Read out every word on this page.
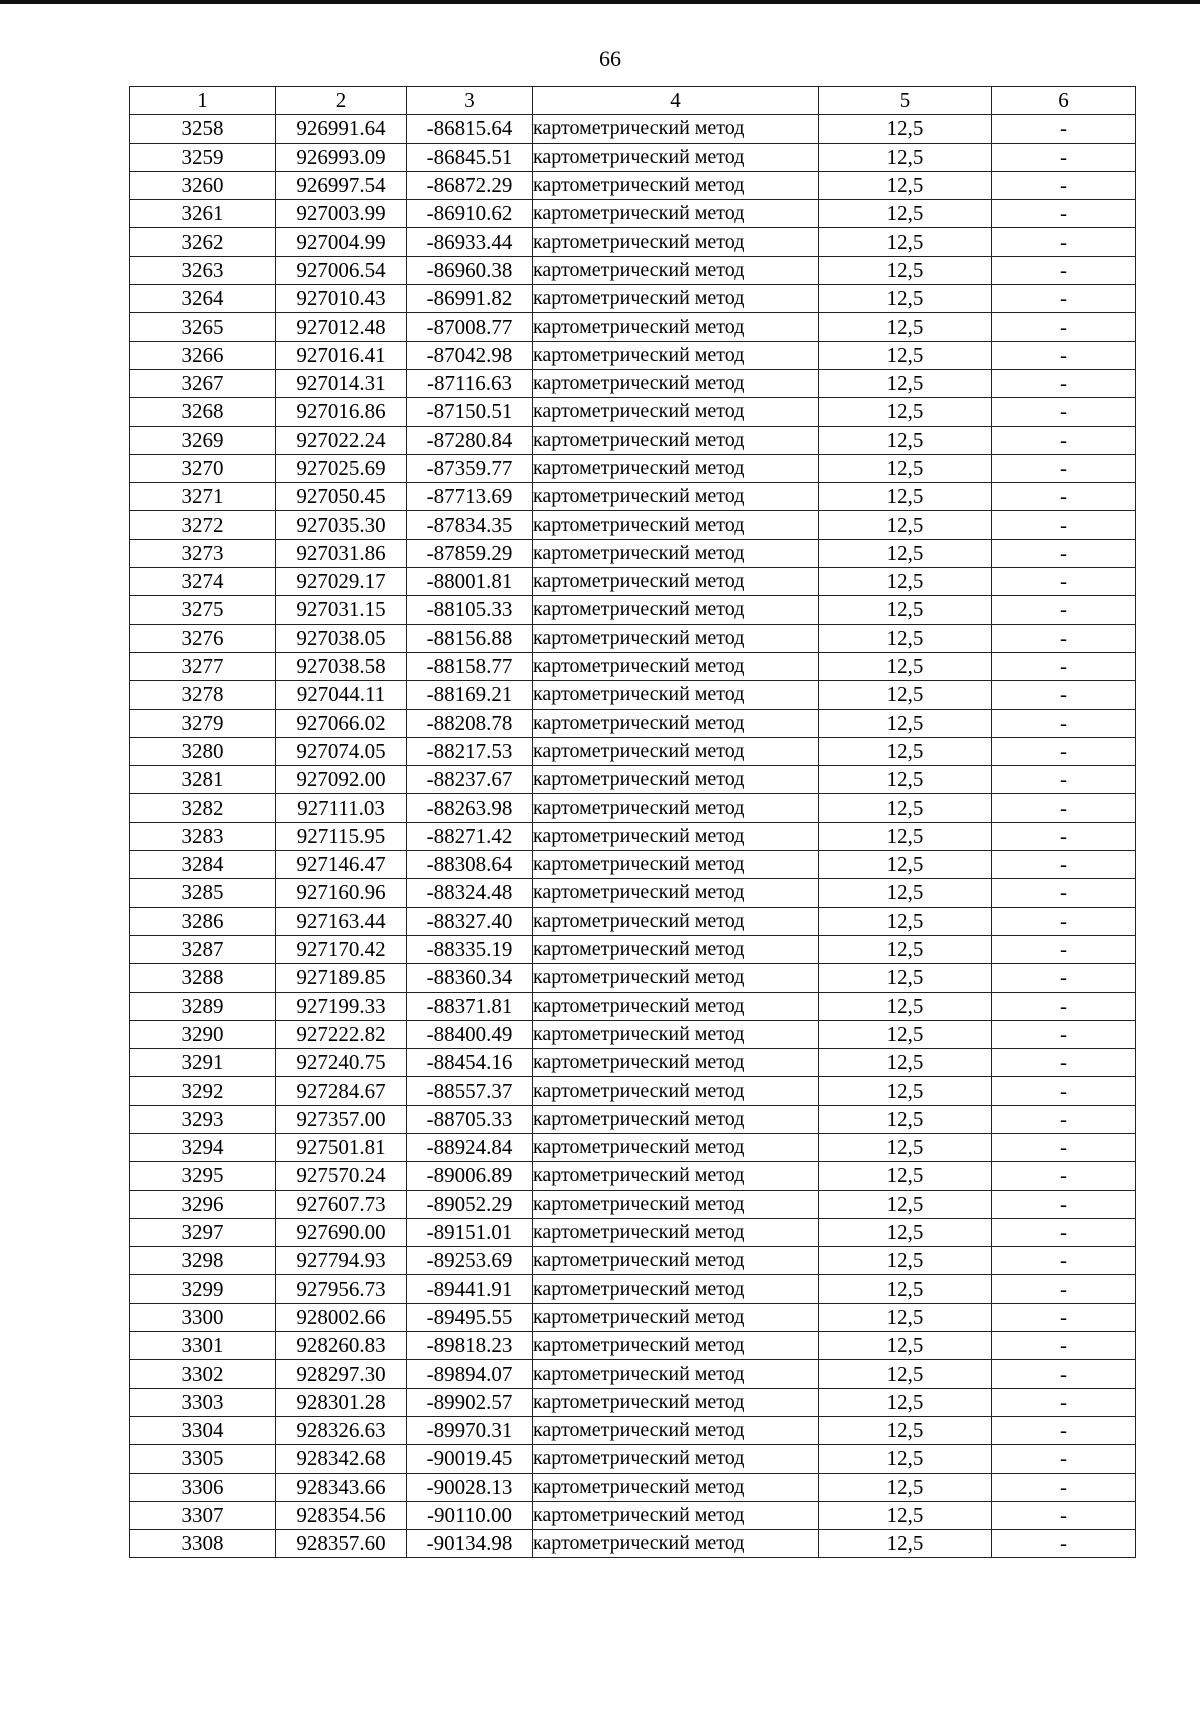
66
1	2	3	4	5	6
3258	926991.64	-86815.64	картометрический метод	12,5	-
3259	926993.09	-86845.51	картометрический метод	12,5	-
3260	926997.54	-86872.29	картометрический метод	12,5	-
3261	927003.99	-86910.62	картометрический метод	12,5	-
3262	927004.99	-86933.44	картометрический метод	12,5	-
3263	927006.54	-86960.38	картометрический метод	12,5	-
3264	927010.43	-86991.82	картометрический метод	12,5	-
3265	927012.48	-87008.77	картометрический метод	12,5	-
3266	927016.41	-87042.98	картометрический метод	12,5	-
3267	927014.31	-87116.63	картометрический метод	12,5	-
3268	927016.86	-87150.51	картометрический метод	12,5	-
3269	927022.24	-87280.84	картометрический метод	12,5	-
3270	927025.69	-87359.77	картометрический метод	12,5	-
3271	927050.45	-87713.69	картометрический метод	12,5	-
3272	927035.30	-87834.35	картометрический метод	12,5	-
3273	927031.86	-87859.29	картометрический метод	12,5	-
3274	927029.17	-88001.81	картометрический метод	12,5	-
3275	927031.15	-88105.33	картометрический метод	12,5	-
3276	927038.05	-88156.88	картометрический метод	12,5	-
3277	927038.58	-88158.77	картометрический метод	12,5	-
3278	927044.11	-88169.21	картометрический метод	12,5	-
3279	927066.02	-88208.78	картометрический метод	12,5	-
3280	927074.05	-88217.53	картометрический метод	12,5	-
3281	927092.00	-88237.67	картометрический метод	12,5	-
3282	927111.03	-88263.98	картометрический метод	12,5	-
3283	927115.95	-88271.42	картометрический метод	12,5	-
3284	927146.47	-88308.64	картометрический метод	12,5	-
3285	927160.96	-88324.48	картометрический метод	12,5	-
3286	927163.44	-88327.40	картометрический метод	12,5	-
3287	927170.42	-88335.19	картометрический метод	12,5	-
3288	927189.85	-88360.34	картометрический метод	12,5	-
3289	927199.33	-88371.81	картометрический метод	12,5	-
3290	927222.82	-88400.49	картометрический метод	12,5	-
3291	927240.75	-88454.16	картометрический метод	12,5	-
3292	927284.67	-88557.37	картометрический метод	12,5	-
3293	927357.00	-88705.33	картометрический метод	12,5	-
3294	927501.81	-88924.84	картометрический метод	12,5	-
3295	927570.24	-89006.89	картометрический метод	12,5	-
3296	927607.73	-89052.29	картометрический метод	12,5	-
3297	927690.00	-89151.01	картометрический метод	12,5	-
3298	927794.93	-89253.69	картометрический метод	12,5	-
3299	927956.73	-89441.91	картометрический метод	12,5	-
3300	928002.66	-89495.55	картометрический метод	12,5	-
3301	928260.83	-89818.23	картометрический метод	12,5	-
3302	928297.30	-89894.07	картометрический метод	12,5	-
3303	928301.28	-89902.57	картометрический метод	12,5	-
3304	928326.63	-89970.31	картометрический метод	12,5	-
3305	928342.68	-90019.45	картометрический метод	12,5	-
3306	928343.66	-90028.13	картометрический метод	12,5	-
3307	928354.56	-90110.00	картометрический метод	12,5	-
3308	928357.60	-90134.98	картометрический метод	12,5	-
